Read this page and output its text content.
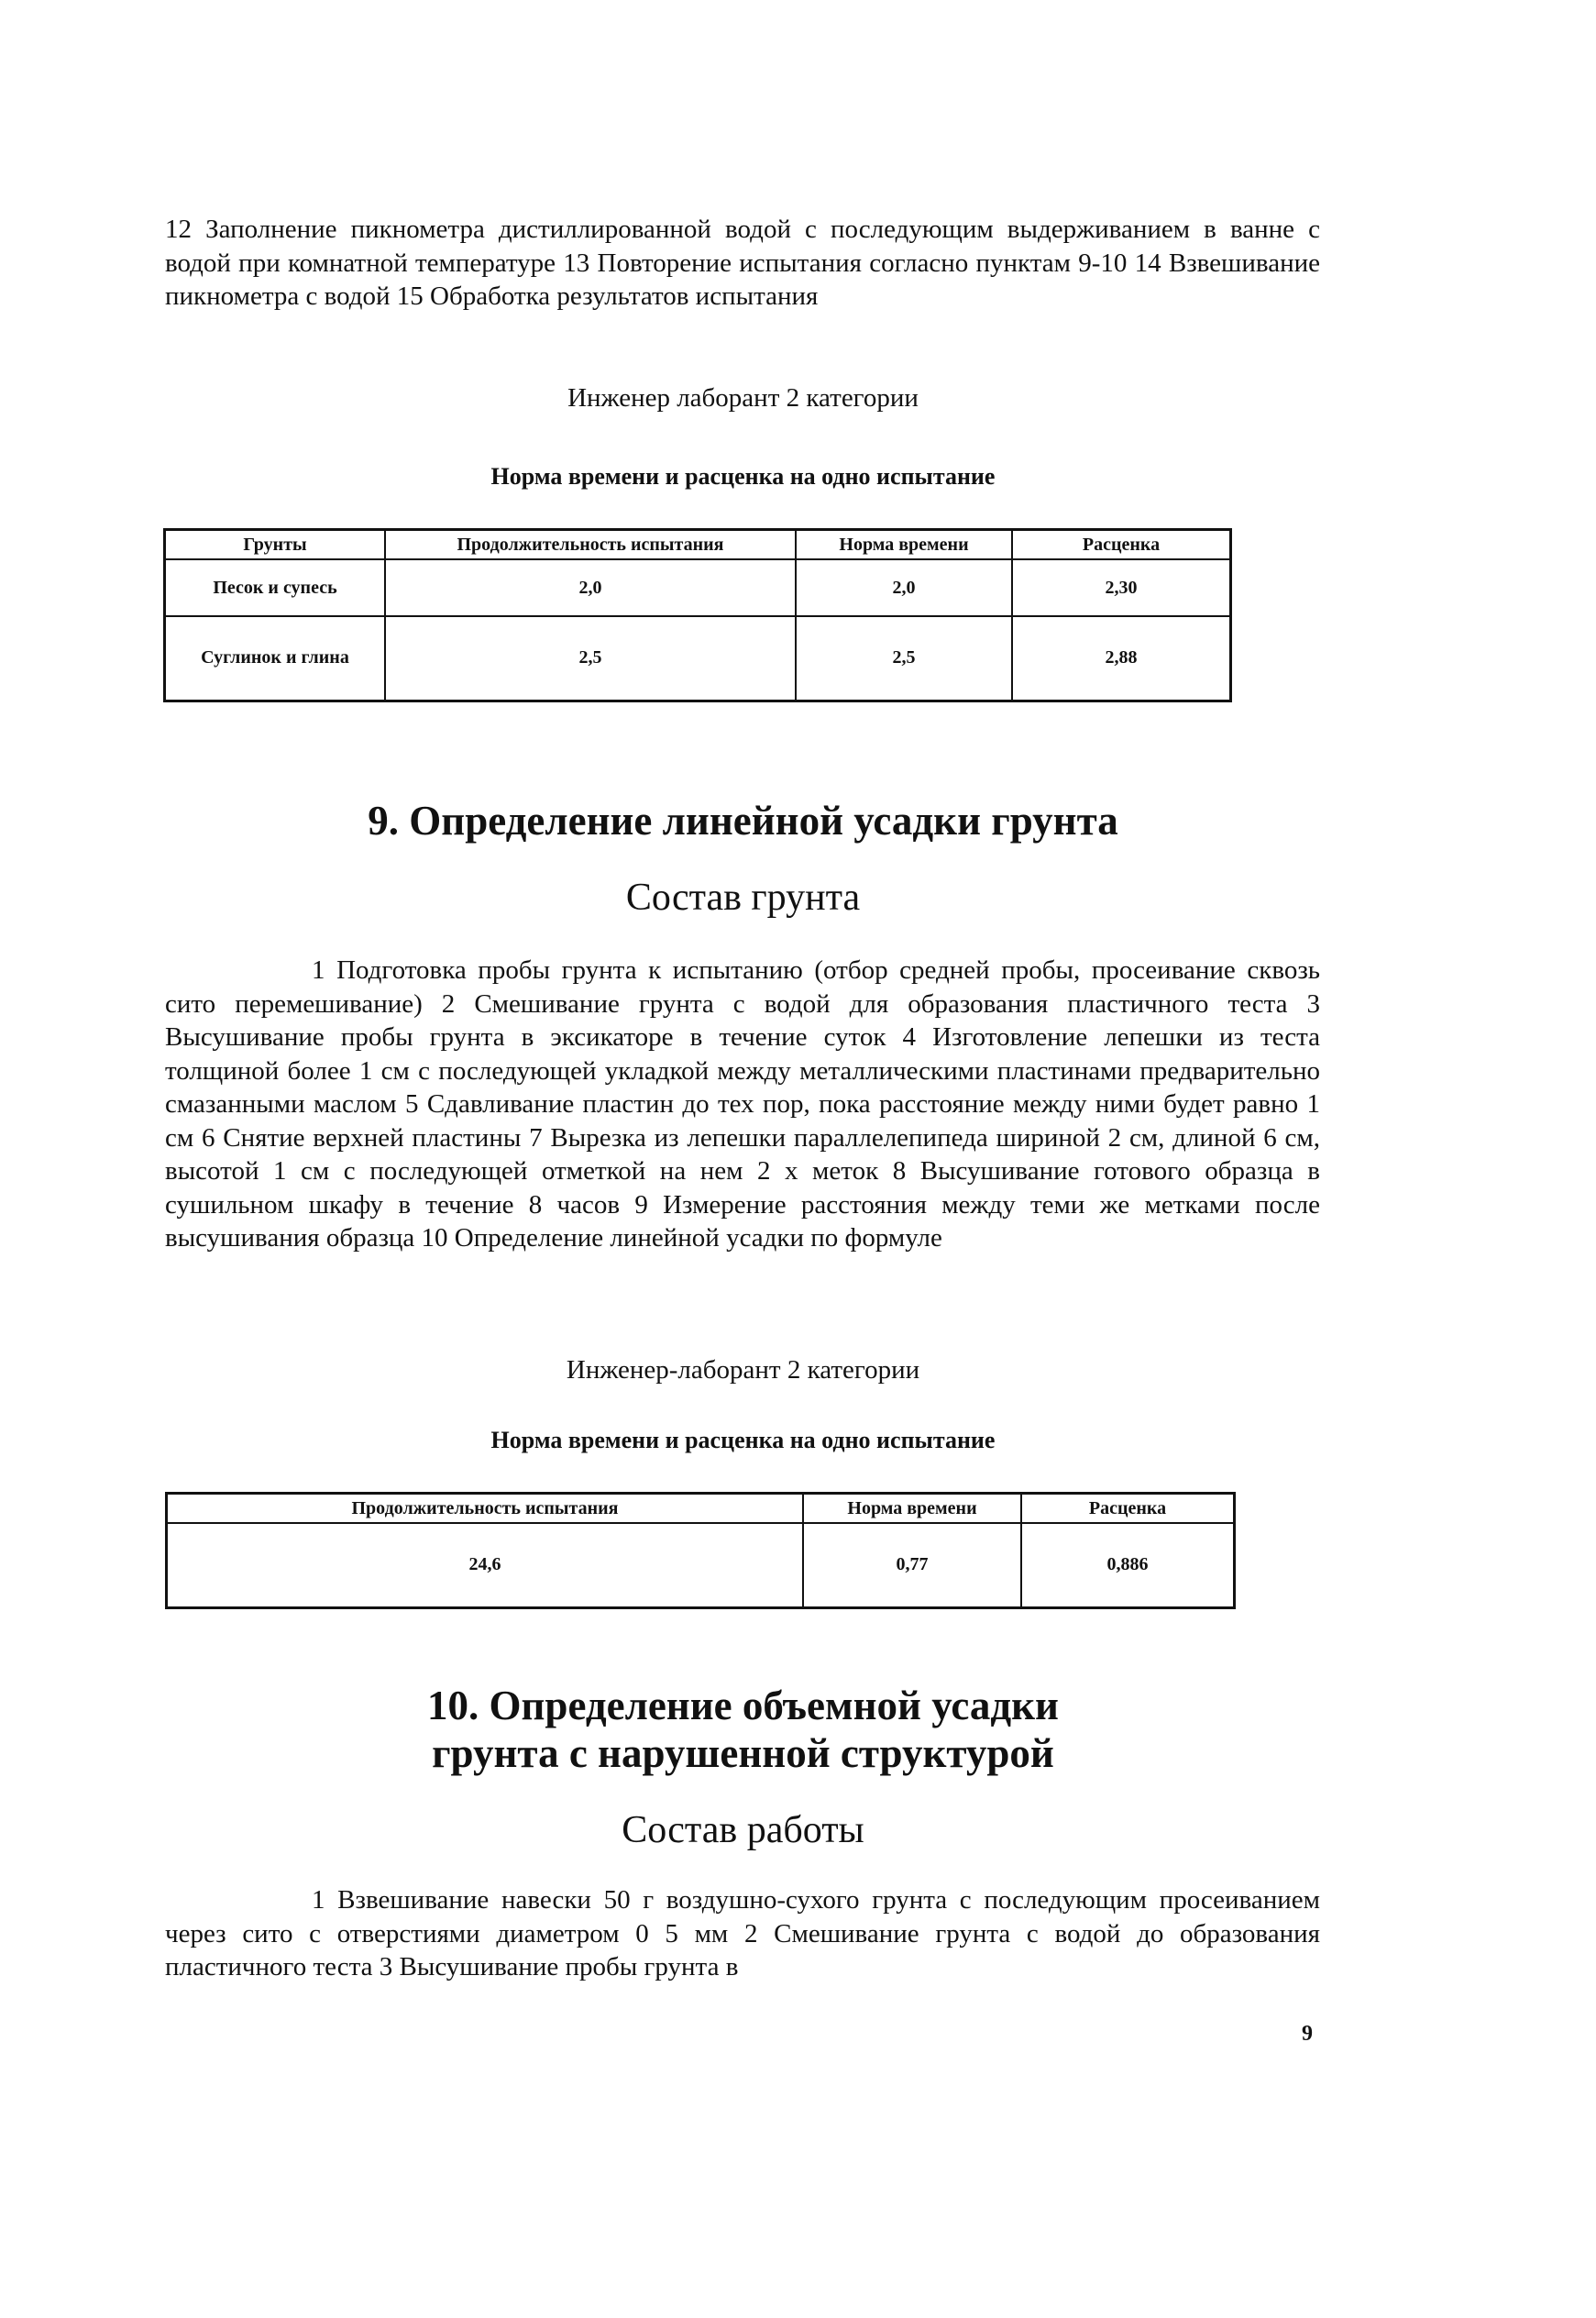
12 Заполнение пикнометра дистиллированной водой с последующим выдерживанием в ванне с водой при комнатной температуре 13 Повторение испытания согласно пунктам 9-10 14 Взвешивание пикнометра с водой 15 Обработка результатов испытания

Инженер лаборант 2 категории

Норма времени и расценка на одно испытание

Грунты	Продолжительность испытания	Норма времени	Расценка
Песок и супесь	2,0	2,0	2,30
Суглинок и глина	2,5	2,5	2,88
9. Определение линейной усадки грунта
Состав грунта

1 Подготовка пробы грунта к испытанию (отбор средней пробы, просеивание сквозь сито перемешивание) 2 Смешивание грунта с водой для образования пластичного теста 3 Высушивание пробы грунта в эксикаторе в течение суток 4 Изготовление лепешки из теста толщиной более 1 см с последующей укладкой между металлическими пластинами предварительно смазанными маслом 5 Сдавливание пластин до тех пор, пока расстояние между ними будет равно 1 см 6 Снятие верхней пластины 7 Вырезка из лепешки параллелепипеда шириной 2 см, длиной 6 см, высотой 1 см с последующей отметкой на нем 2 х меток 8 Высушивание готового образца в сушильном шкафу в течение 8 часов 9 Измерение расстояния между теми же метками после высушивания образца 10 Определение линейной усадки по формуле

Инженер-лаборант 2 категории

Норма времени и расценка на одно испытание

Продолжительность испытания	Норма времени	Расценка
24,6	0,77	0,886
10. Определение объемной усадки
грунта с нарушенной структурой
Состав работы

1 Взвешивание навески 50 г воздушно-сухого грунта с последующим просеиванием через сито с отверстиями диаметром 0 5 мм 2 Смешивание грунта с водой до образования пластичного теста 3 Высушивание пробы грунта в

9
